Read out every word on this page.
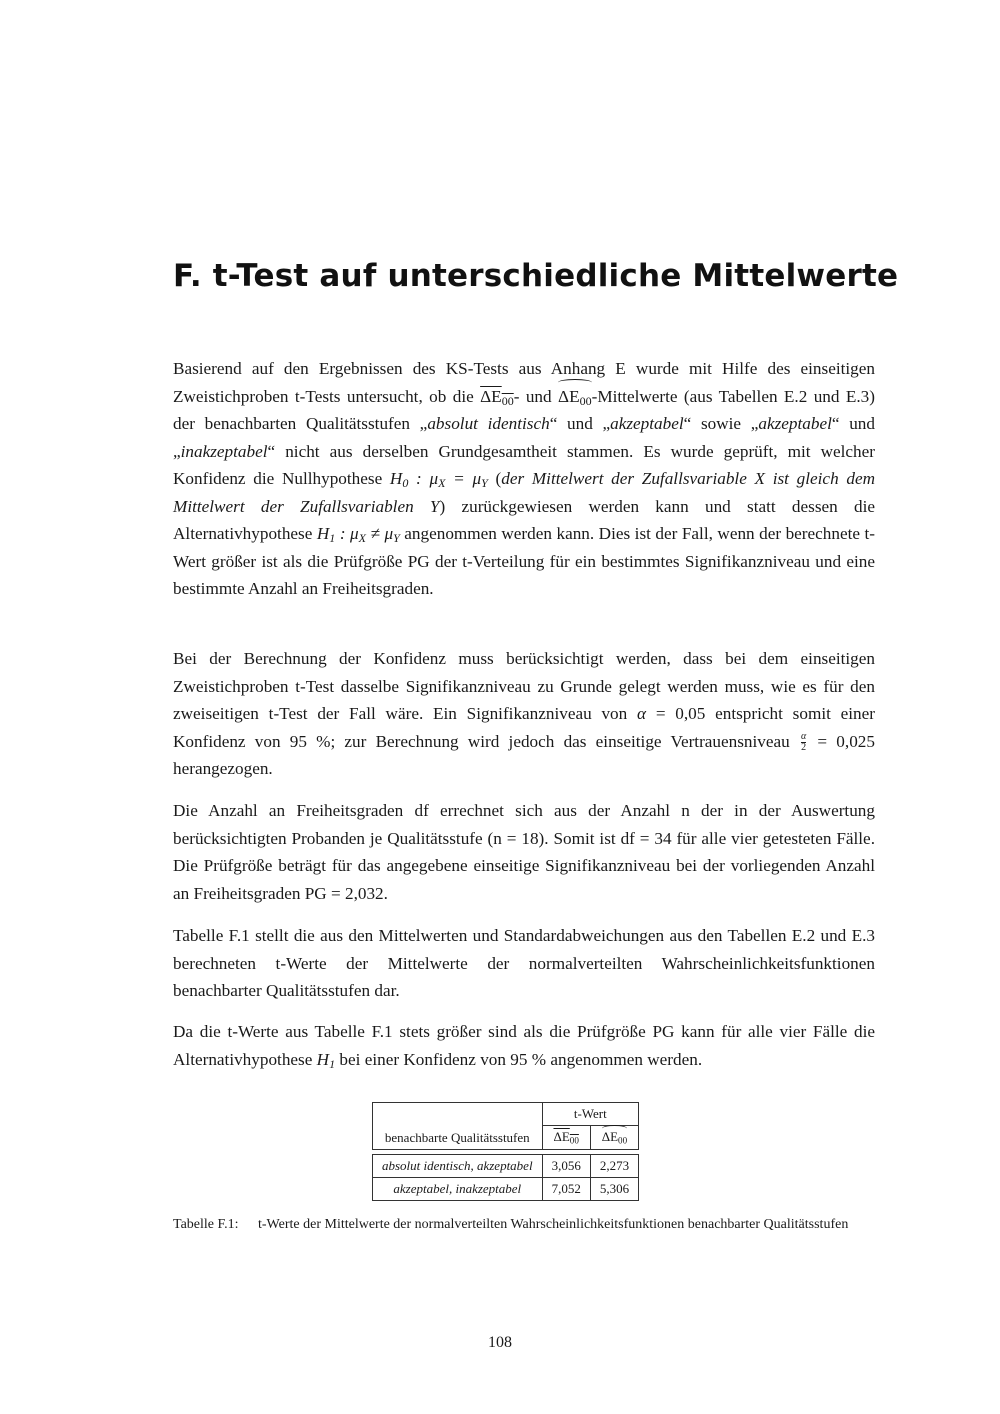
F. t-Test auf unterschiedliche Mittelwerte

Basierend auf den Ergebnissen des KS-Tests aus Anhang E wurde mit Hilfe des einseitigen Zweistichproben t-Tests untersucht, ob die $\Delta E_{00}-$ und $\Delta E_{00}$-Mittelwerte (aus Tabellen E.2 und E.3) der benachbarten Qualitätsstufen „absolut identisch“ und „akzeptabel“ sowie „akzeptabel“ und „inakzeptabel“ nicht aus derselben Grundgesamtheit stammen. Es wurde geprüft, mit welcher Konfidenz die Nullhypothese $H_0$ : $\mu_X = \mu_Y$ (der Mittelwert der Zufallsvariable X ist gleich dem Mittelwert der Zufallsvariablen Y) zurückgewiesen werden kann und statt dessen die Alternativhypothese $H_1$ : $\mu_X \ne \mu_Y$ angenommen werden kann. Dies ist der Fall, wenn der berechnete t-Wert größer ist als die Prüfgröße PG der t-Verteilung für ein bestimmtes Signifikanzniveau und eine bestimmte Anzahl an Freiheitsgraden.

Bei der Berechnung der Konfidenz muss berücksichtigt werden, dass bei dem einseitigen Zweistichproben t-Test dasselbe Signifikanzniveau zu Grunde gelegt werden muss, wie es für den zweiseitigen t-Test der Fall wäre. Ein Signifikanzniveau von α = 0,05 entspricht somit einer Konfidenz von 95 %; zur Berechnung wird jedoch das einseitige Vertrauensniveau $\frac{\alpha}{2} = 0,025$ herangezogen.

Die Anzahl an Freiheitsgraden df errechnet sich aus der Anzahl n der in der Auswertung berücksichtigten Probanden je Qualitätsstufe (n = 18). Somit ist df = 34 für alle vier getesteten Fälle. Die Prüfgröße beträgt für das angegebene einseitige Signifikanzniveau bei der vorliegenden Anzahl an Freiheitsgraden PG = 2,032.

Tabelle F.1 stellt die aus den Mittelwerten und Standardabweichungen aus den Tabellen E.2 und E.3 berechneten t-Werte der Mittelwerte der normalverteilten Wahrscheinlichkeitsfunktionen benachbarter Qualitätsstufen dar.

Da die t-Werte aus Tabelle F.1 stets größer sind als die Prüfgröße PG kann für alle vier Fälle die Alternativhypothese $H_1$ bei einer Konfidenz von 95 % angenommen werden.

	t-Wert	
benachbarte Qualitätsstufen	$\Delta E_{00}$	$\Delta E_{00}$

absolut identisch, akzeptabel	3,056	2,273
akzeptabel, inakzeptabel	7,052	5,306

Tabelle F.1: t-Werte der Mittelwerte der normalverteilten Wahrscheinlichkeitsfunktionen benachbarter Qualitätsstufen

108
